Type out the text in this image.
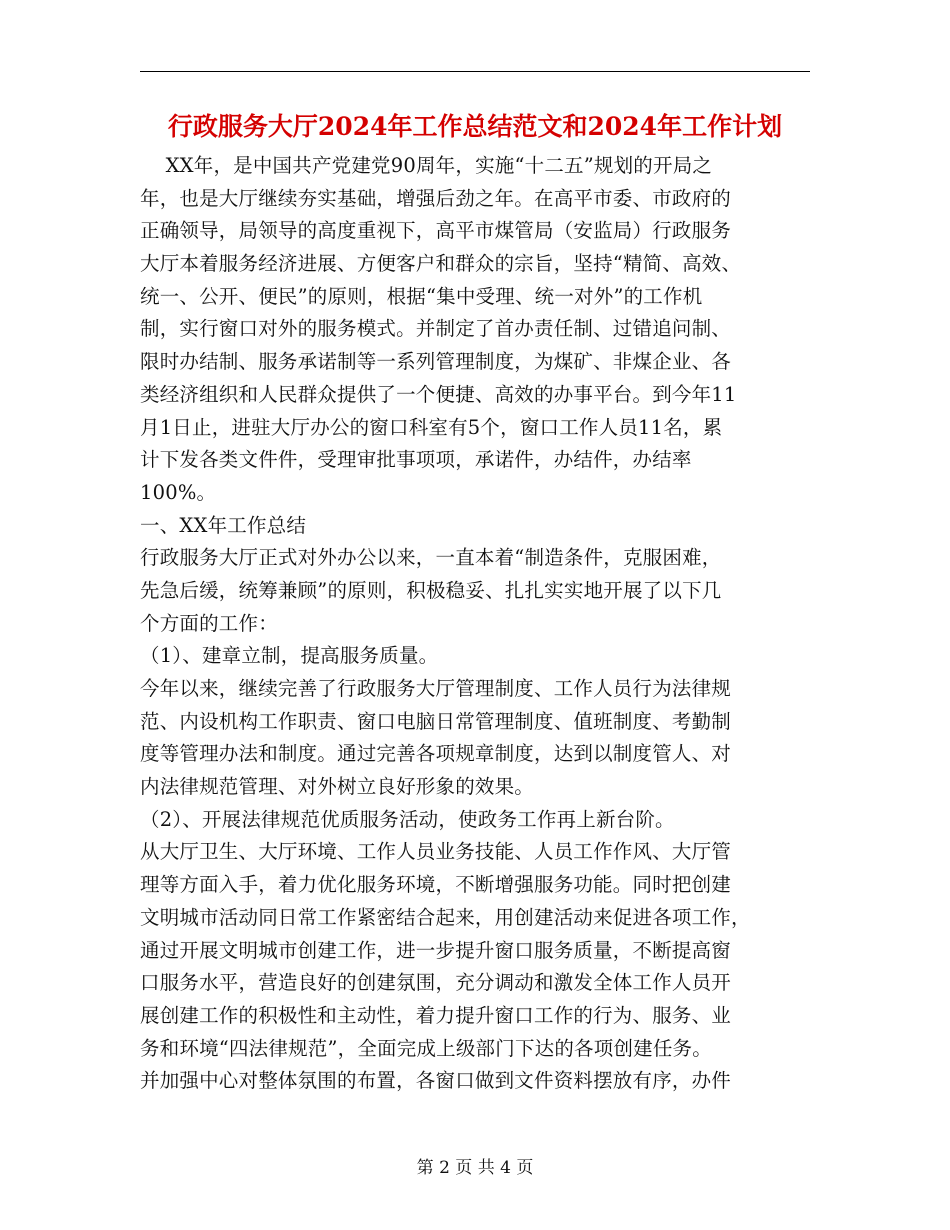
行政服务大厅2024年工作总结范文和2024年工作计划
XX年，是中国共产党建党90周年，实施“十二五”规划的开局之
年，也是大厅继续夯实基础，增强后劲之年。在高平市委、市政府的
正确领导，局领导的高度重视下，高平市煤管局（安监局）行政服务
大厅本着服务经济进展、方便客户和群众的宗旨，坚持“精简、高效、
统一、公开、便民”的原则，根据“集中受理、统一对外”的工作机
制，实行窗口对外的服务模式。并制定了首办责任制、过错追问制、
限时办结制、服务承诺制等一系列管理制度，为煤矿、非煤企业、各
类经济组织和人民群众提供了一个便捷、高效的办事平台。到今年11
月1日止，进驻大厅办公的窗口科室有5个，窗口工作人员11名，累
计下发各类文件件，受理审批事项项，承诺件，办结件，办结率
100%。
一、XX年工作总结
行政服务大厅正式对外办公以来，一直本着“制造条件，克服困难，
先急后缓，统筹兼顾”的原则，积极稳妥、扎扎实实地开展了以下几
个方面的工作：
（1）、建章立制，提高服务质量。
今年以来，继续完善了行政服务大厅管理制度、工作人员行为法律规
范、内设机构工作职责、窗口电脑日常管理制度、值班制度、考勤制
度等管理办法和制度。通过完善各项规章制度，达到以制度管人、对
内法律规范管理、对外树立良好形象的效果。
（2）、开展法律规范优质服务活动，使政务工作再上新台阶。
从大厅卫生、大厅环境、工作人员业务技能、人员工作作风、大厅管
理等方面入手，着力优化服务环境，不断增强服务功能。同时把创建
文明城市活动同日常工作紧密结合起来，用创建活动来促进各项工作，
通过开展文明城市创建工作，进一步提升窗口服务质量，不断提高窗
口服务水平，营造良好的创建氛围，充分调动和激发全体工作人员开
展创建工作的积极性和主动性，着力提升窗口工作的行为、服务、业
务和环境“四法律规范”，全面完成上级部门下达的各项创建任务。
并加强中心对整体氛围的布置，各窗口做到文件资料摆放有序，办件
第 2 页 共 4 页
